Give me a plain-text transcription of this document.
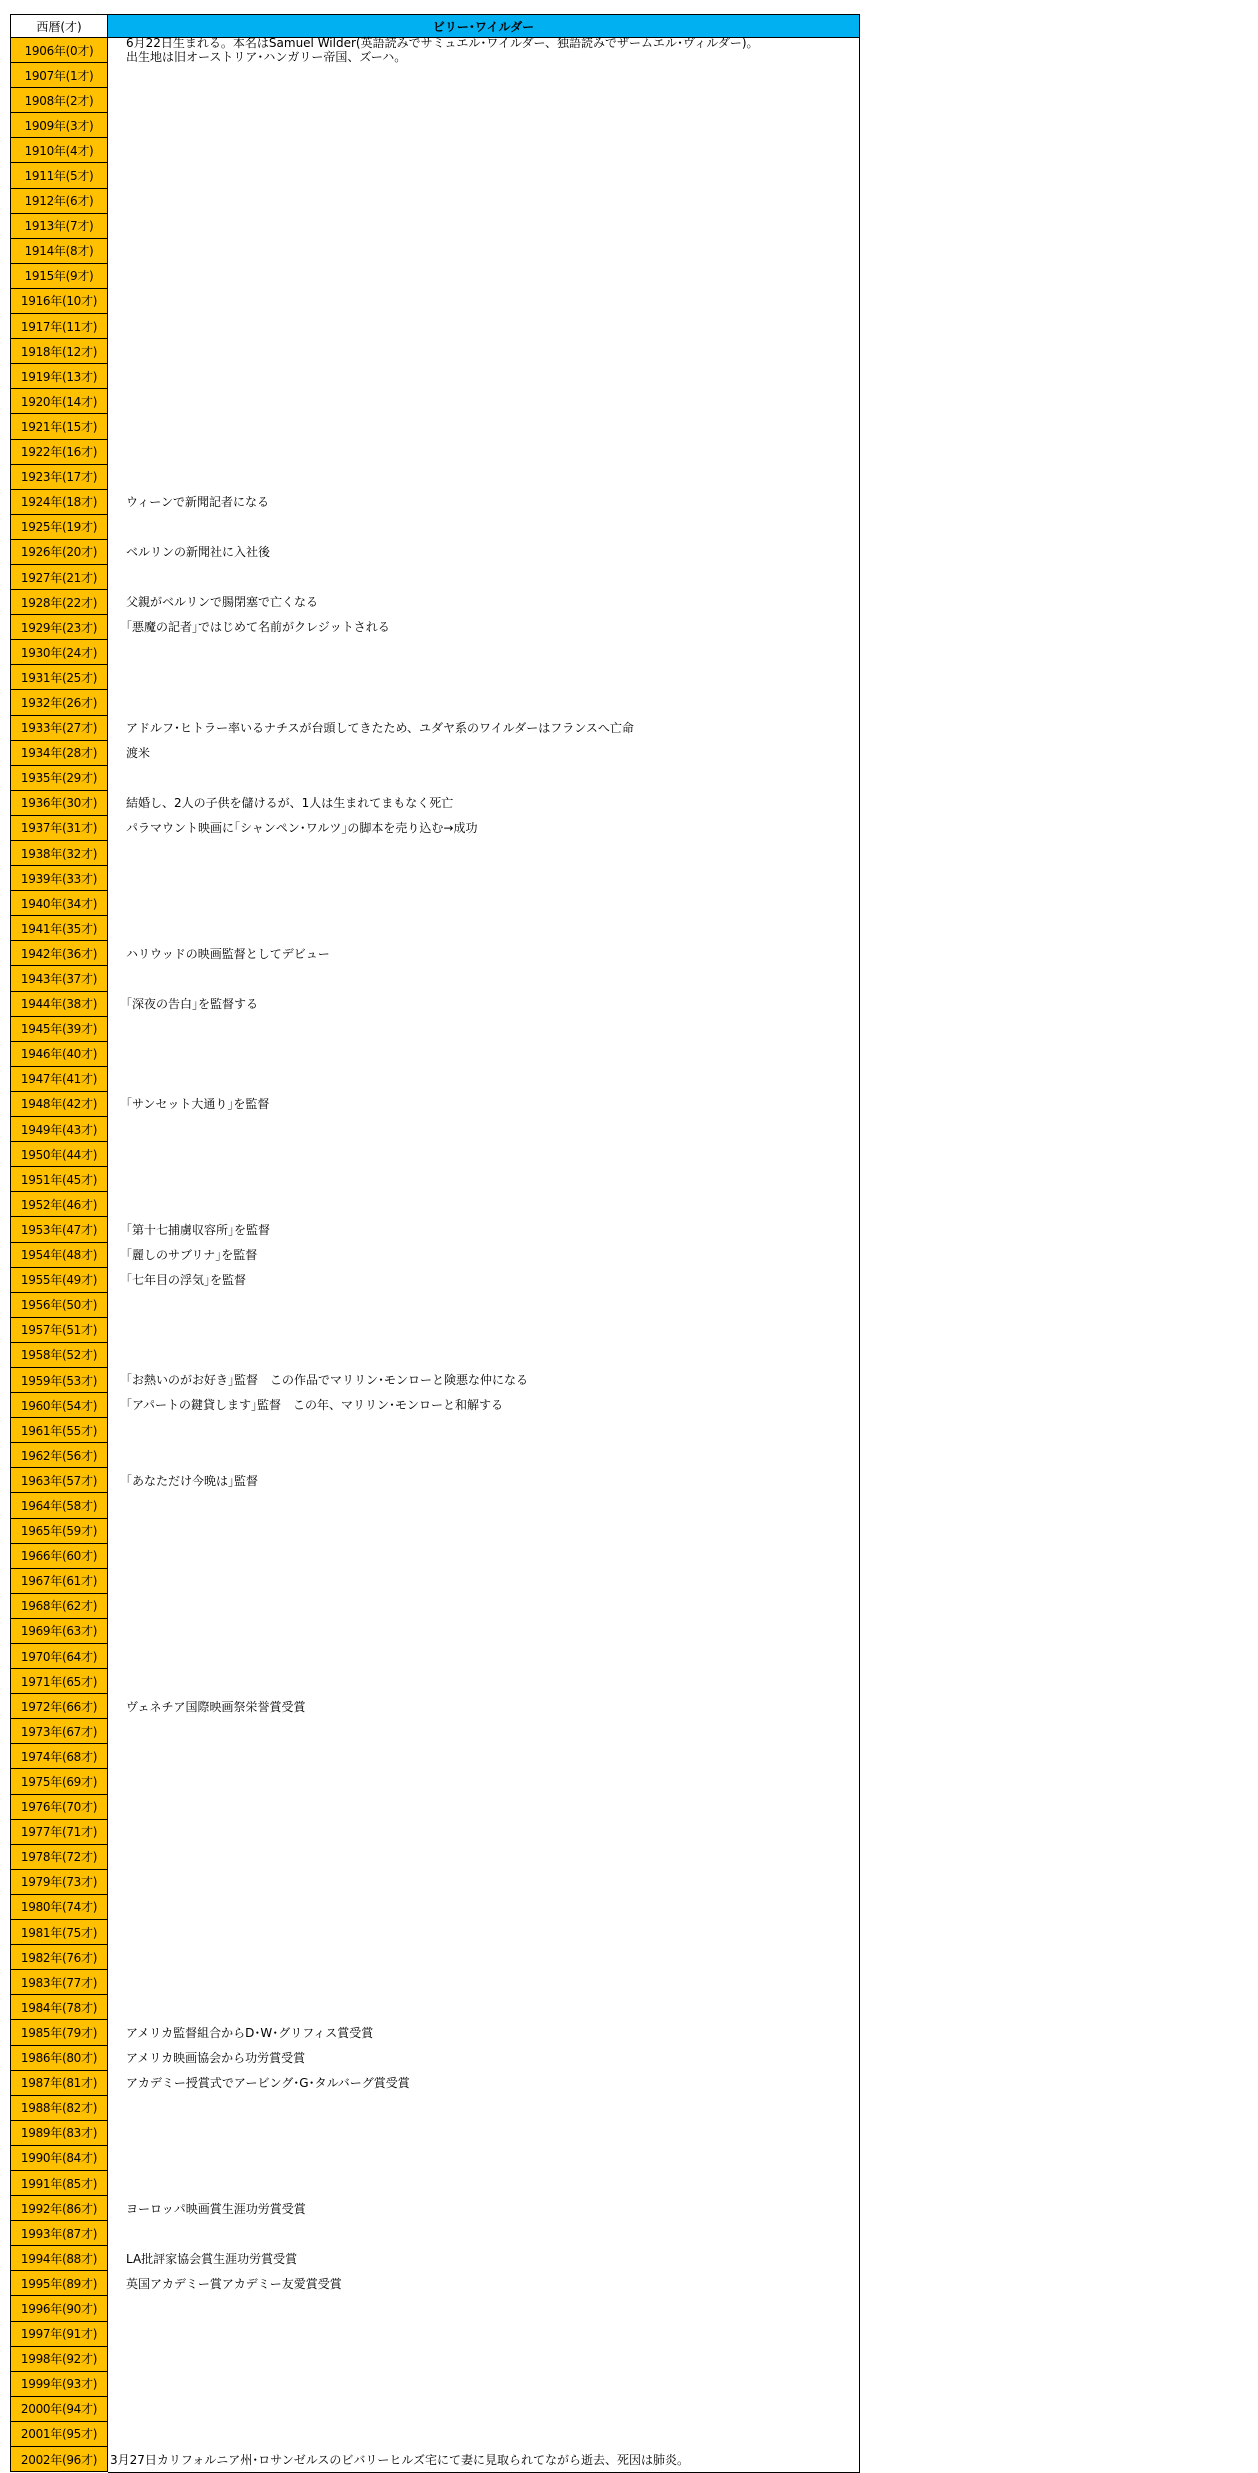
西暦(才)	ビリー･ワイルダー
1906年(0才)
1907年(1才)
1908年(2才)
1909年(3才)
1910年(4才)
1911年(5才)
1912年(6才)
1913年(7才)
1914年(8才)
1915年(9才)
1916年(10才)
1917年(11才)
1918年(12才)
1919年(13才)
1920年(14才)
1921年(15才)
1922年(16才)
1923年(17才)
1924年(18才)
1925年(19才)
1926年(20才)
1927年(21才)
1928年(22才)
1929年(23才)
1930年(24才)
1931年(25才)
1932年(26才)
1933年(27才)
1934年(28才)
1935年(29才)
1936年(30才)
1937年(31才)
1938年(32才)
1939年(33才)
1940年(34才)
1941年(35才)
1942年(36才)
1943年(37才)
1944年(38才)
1945年(39才)
1946年(40才)
1947年(41才)
1948年(42才)
1949年(43才)
1950年(44才)
1951年(45才)
1952年(46才)
1953年(47才)
1954年(48才)
1955年(49才)
1956年(50才)
1957年(51才)
1958年(52才)
1959年(53才)
1960年(54才)
1961年(55才)
1962年(56才)
1963年(57才)
1964年(58才)
1965年(59才)
1966年(60才)
1967年(61才)
1968年(62才)
1969年(63才)
1970年(64才)
1971年(65才)
1972年(66才)
1973年(67才)
1974年(68才)
1975年(69才)
1976年(70才)
1977年(71才)
1978年(72才)
1979年(73才)
1980年(74才)
1981年(75才)
1982年(76才)
1983年(77才)
1984年(78才)
1985年(79才)
1986年(80才)
1987年(81才)
1988年(82才)
1989年(83才)
1990年(84才)
1991年(85才)
1992年(86才)
1993年(87才)
1994年(88才)
1995年(89才)
1996年(90才)
1997年(91才)
1998年(92才)
1999年(93才)
2000年(94才)
2001年(95才)
2002年(96才)
6月22日生まれる。本名はSamuel Wilder(英語読みでサミュエル･ワイルダー、独語読みでザームエル･ヴィルダー)。
出生地は旧オーストリア･ハンガリー帝国、ズーハ。
ウィーンで新聞記者になる
ベルリンの新聞社に入社後
父親がベルリンで腸閉塞で亡くなる
｢悪魔の記者｣ではじめて名前がクレジットされる
アドルフ･ヒトラー率いるナチスが台頭してきたため、ユダヤ系のワイルダーはフランスへ亡命
渡米
結婚し、2人の子供を儲けるが、1人は生まれてまもなく死亡
パラマウント映画に｢シャンペン･ワルツ｣の脚本を売り込む→成功
ハリウッドの映画監督としてデビュー
｢深夜の告白｣を監督する
｢サンセット大通り｣を監督
｢第十七捕虜収容所｣を監督
｢麗しのサブリナ｣を監督
｢七年目の浮気｣を監督
｢お熱いのがお好き｣監督　この作品でマリリン･モンローと険悪な仲になる
｢アパートの鍵貸します｣監督　この年、マリリン･モンローと和解する
｢あなただけ今晩は｣監督
ヴェネチア国際映画祭栄誉賞受賞
アメリカ監督組合からD･W･グリフィス賞受賞
アメリカ映画協会から功労賞受賞
アカデミー授賞式でアービング･G･タルバーグ賞受賞
ヨーロッパ映画賞生涯功労賞受賞
LA批評家協会賞生涯功労賞受賞
英国アカデミー賞アカデミー友愛賞受賞
3月27日カリフォルニア州･ロサンゼルスのビバリーヒルズ宅にて妻に見取られてながら逝去、死因は肺炎。
